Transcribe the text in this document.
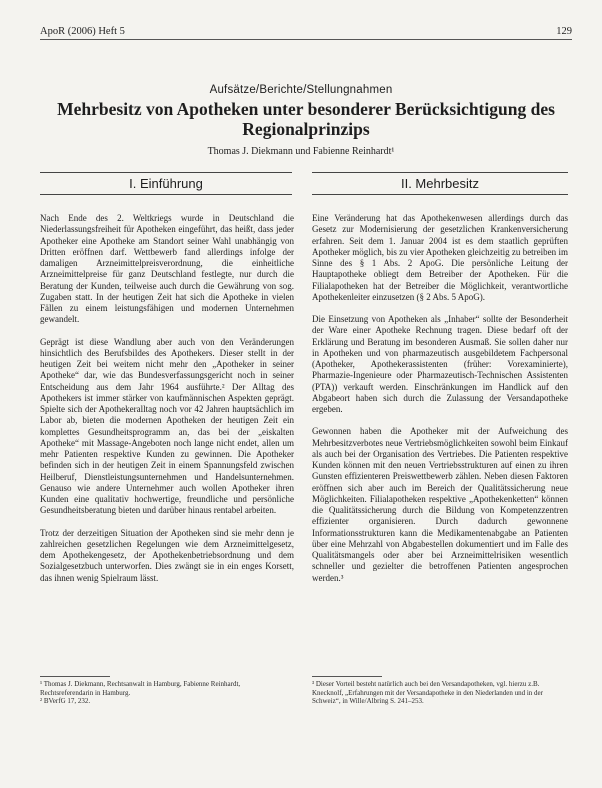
ApoR (2006) Heft 5	129
Aufsätze/Berichte/Stellungnahmen
Mehrbesitz von Apotheken unter besonderer Berücksichtigung des Regionalprinzips
Thomas J. Diekmann und Fabienne Reinhardt¹
I. Einführung	II. Mehrbesitz

Nach Ende des 2. Weltkriegs wurde in Deutschland die Niederlassungsfreiheit für Apotheken eingeführt, das heißt, dass jeder Apotheker eine Apotheke am Standort seiner Wahl unabhängig von Dritten eröffnen darf. Wettbewerb fand allerdings infolge der damaligen Arzneimittelpreisverordnung, die einheitliche Arzneimittelpreise für ganz Deutschland festlegte, nur durch die Beratung der Kunden, teilweise auch durch die Gewährung von sog. Zugaben statt. In der heutigen Zeit hat sich die Apotheke in vielen Fällen zu einem leistungsfähigen und modernen Unternehmen gewandelt.

Geprägt ist diese Wandlung aber auch von den Veränderungen hinsichtlich des Berufsbildes des Apothekers. Dieser stellt in der heutigen Zeit bei weitem nicht mehr den „Apotheker in seiner Apotheke“ dar, wie das Bundesverfassungsgericht noch in seiner Entscheidung aus dem Jahr 1964 ausführte.² Der Alltag des Apothekers ist immer stärker von kaufmännischen Aspekten geprägt. Spielte sich der Apothekeralltag noch vor 42 Jahren hauptsächlich im Labor ab, bieten die modernen Apotheken der heutigen Zeit ein komplettes Gesundheitsprogramm an, das bei der „eiskalten Apotheke“ mit Massage-Angeboten noch lange nicht endet, allen um mehr Patienten respektive Kunden zu gewinnen. Die Apotheker befinden sich in der heutigen Zeit in einem Spannungsfeld zwischen Heilberuf, Dienstleistungsunternehmen und Handelsunternehmen. Genauso wie andere Unternehmer auch wollen Apotheker ihren Kunden eine qualitativ hochwertige, freundliche und persönliche Gesundheitsberatung bieten und darüber hinaus rentabel arbeiten.

Trotz der derzeitigen Situation der Apotheken sind sie mehr denn je zahlreichen gesetzlichen Regelungen wie dem Arzneimittelgesetz, dem Apothekengesetz, der Apothekenbetriebsordnung und dem Sozialgesetzbuch unterworfen. Dies zwängt sie in ein enges Korsett, das ihnen wenig Spielraum lässt.

Eine Veränderung hat das Apothekenwesen allerdings durch das Gesetz zur Modernisierung der gesetzlichen Krankenversicherung erfahren. Seit dem 1. Januar 2004 ist es dem staatlich geprüften Apotheker möglich, bis zu vier Apotheken gleichzeitig zu betreiben im Sinne des § 1 Abs. 2 ApoG. Die persönliche Leitung der Hauptapotheke obliegt dem Betreiber der Apotheken. Für die Filialapotheken hat der Betreiber die Möglichkeit, verantwortliche Apothekenleiter einzusetzen (§ 2 Abs. 5 ApoG).

Die Einsetzung von Apotheken als „Inhaber“ sollte der Besonderheit der Ware einer Apotheke Rechnung tragen. Diese bedarf oft der Erklärung und Beratung im besonderen Ausmaß. Sie sollen daher nur in Apotheken und von pharmazeutisch ausgebildetem Fachpersonal (Apotheker, Apothekerassistenten (früher: Vorexaminierte), Pharmazie-Ingenieure oder Pharmazeutisch-Technischen Assistenten (PTA)) verkauft werden. Einschränkungen im Handlick auf den Abgabeort haben sich durch die Zulassung der Versandapotheke ergeben.

Gewonnen haben die Apotheker mit der Aufweichung des Mehrbesitzverbotes neue Vertriebsmöglichkeiten sowohl beim Einkauf als auch bei der Organisation des Vertriebes. Die Patienten respektive Kunden können mit den neuen Vertriebsstrukturen auf einen zu ihren Gunsten effizienteren Preiswettbewerb zählen. Neben diesen Faktoren eröffnen sich aber auch im Bereich der Qualitätssicherung neue Möglichkeiten. Filialapotheken respektive „Apothekenketten“ können die Qualitätssicherung durch die Bildung von Kompetenzzentren effizienter organisieren. Durch dadurch gewonnene Informationsstrukturen kann die Medikamentenabgabe an Patienten über eine Mehrzahl von Abgabestellen dokumentiert und im Falle des Qualitätsmangels oder aber bei Arzneimittelrisiken wesentlich schneller und gezielter die betroffenen Patienten angesprochen werden.³

¹ Thomas J. Diekmann, Rechtsanwalt in Hamburg, Fabienne Reinhardt, Rechtsreferendarin in Hamburg.
² BVerfG 17, 232.
³ Dieser Vorteil besteht natürlich auch bei den Versandapotheken, vgl. hierzu z.B. Knecknolf, „Erfahrungen mit der Versandapotheke in den Niederlanden und in der Schweiz“, in Wille/Albring S. 241–253.
